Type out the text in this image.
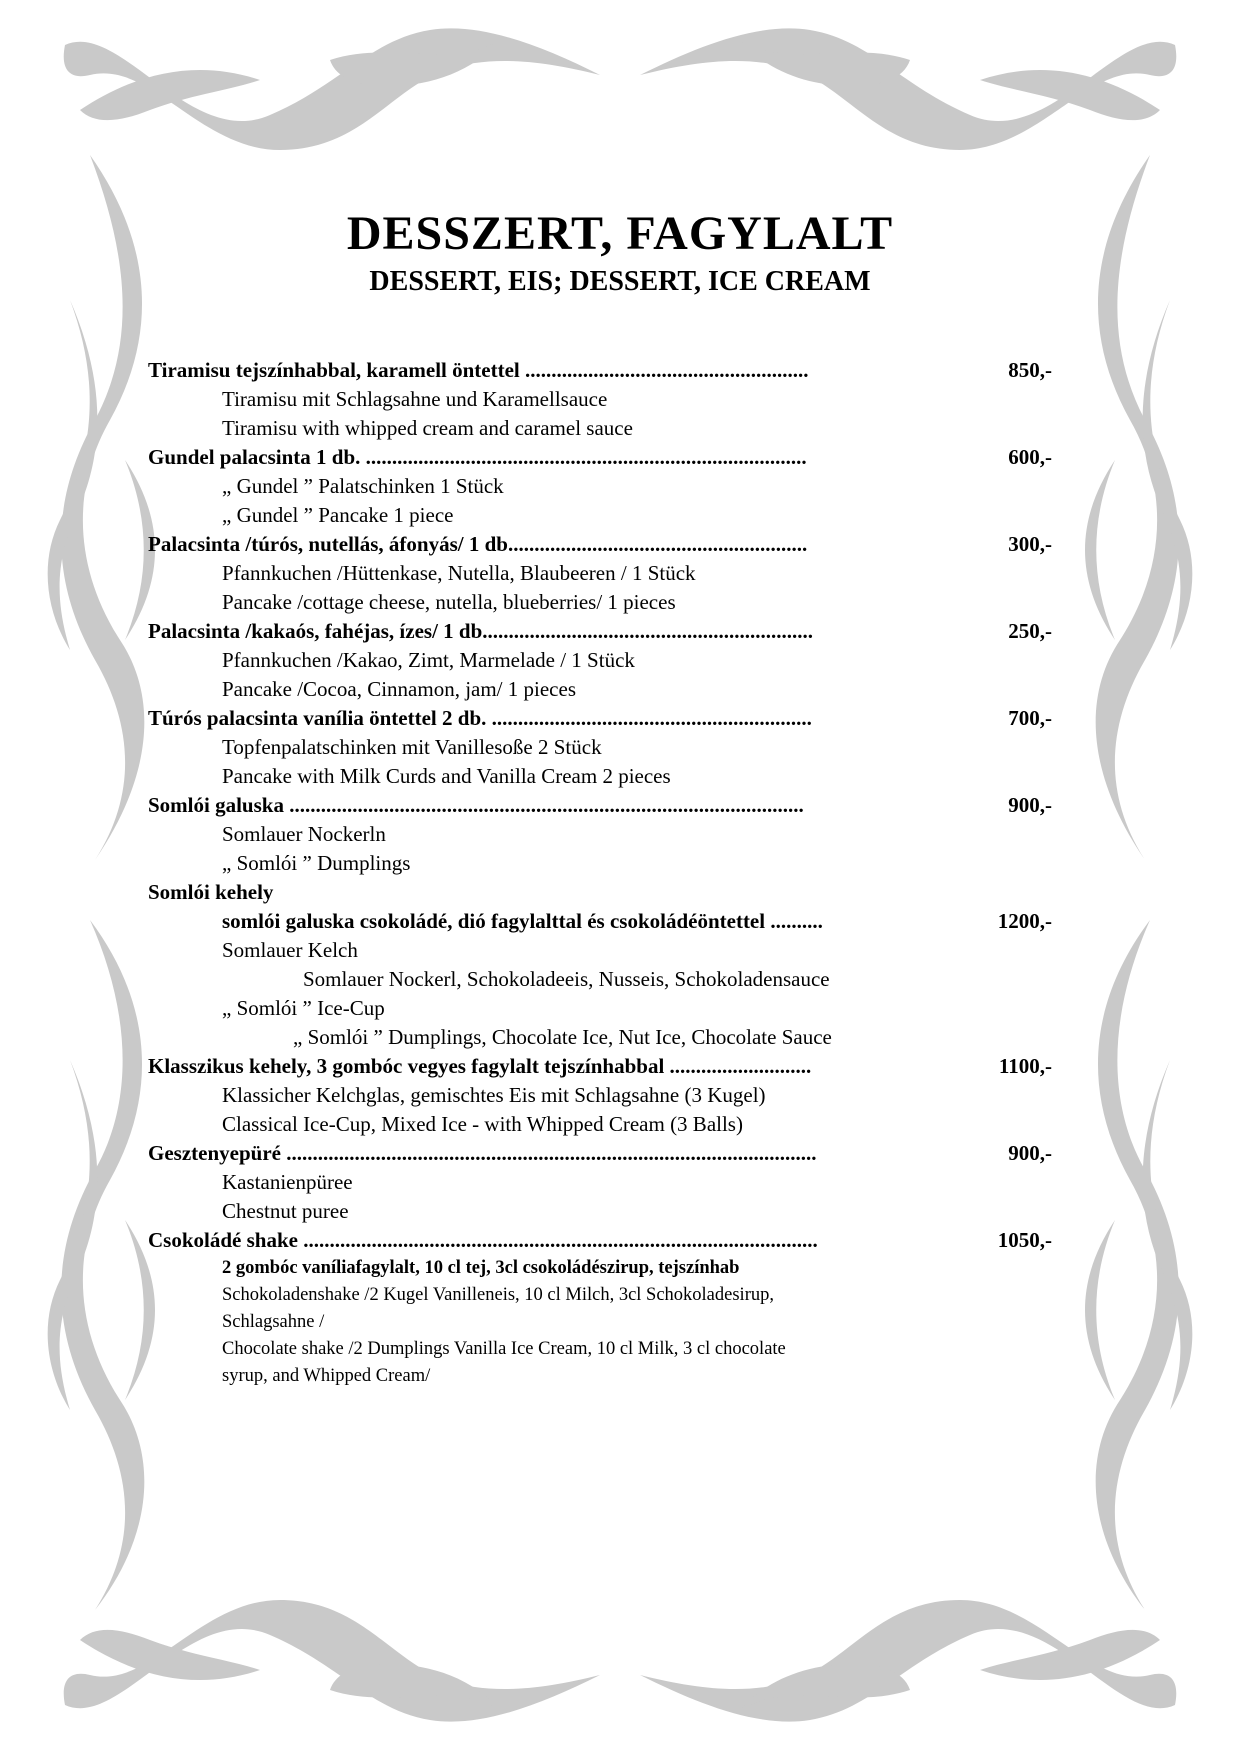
DESSZERT, FAGYLALT
DESSERT, EIS; DESSERT, ICE CREAM
Tiramisu tejszínhabbal, karamell öntettel ......................................................	850,-
Tiramisu mit Schlagsahne und Karamellsauce
Tiramisu with whipped cream and caramel sauce
Gundel palacsinta 1 db. ....................................................................................	600,-
„ Gundel ” Palatschinken 1 Stück
„ Gundel ” Pancake 1 piece
Palacsinta /túrós, nutellás, áfonyás/ 1 db.........................................................	300,-
Pfannkuchen /Hüttenkase, Nutella, Blaubeeren / 1 Stück
Pancake /cottage cheese, nutella, blueberries/ 1 pieces
Palacsinta /kakaós, fahéjas, ízes/ 1 db...............................................................	250,-
Pfannkuchen /Kakao, Zimt, Marmelade / 1 Stück
Pancake /Cocoa, Cinnamon, jam/ 1 pieces
Túrós palacsinta vanília öntettel 2 db. .............................................................	700,-
Topfenpalatschinken mit Vanillesoße 2 Stück
Pancake with Milk Curds and Vanilla Cream 2 pieces
Somlói galuska ..................................................................................................	900,-
Somlauer Nockerln
„ Somlói ” Dumplings
Somlói kehely
somlói galuska csokoládé, dió fagylalttal és csokoládéöntettel ..........	1200,-
Somlauer Kelch
Somlauer Nockerl, Schokoladeeis, Nusseis, Schokoladensauce
„ Somlói ” Ice-Cup
„ Somlói ” Dumplings, Chocolate Ice, Nut Ice, Chocolate Sauce
Klasszikus kehely, 3 gombóc vegyes fagylalt tejszínhabbal ...........................	1100,-
Klassicher Kelchglas, gemischtes Eis mit Schlagsahne (3 Kugel)
Classical Ice-Cup, Mixed Ice - with Whipped Cream (3 Balls)
Gesztenyepüré .....................................................................................................	900,-
Kastanienpüree
Chestnut puree
Csokoládé shake ..................................................................................................	1050,-
2 gombóc vaníliafagylalt, 10 cl tej, 3cl csokoládészirup, tejszínhab
Schokoladenshake /2 Kugel Vanilleneis, 10 cl Milch, 3cl Schokoladesirup,
Schlagsahne /
Chocolate shake /2 Dumplings Vanilla Ice Cream, 10 cl Milk, 3 cl chocolate
syrup, and Whipped Cream/
